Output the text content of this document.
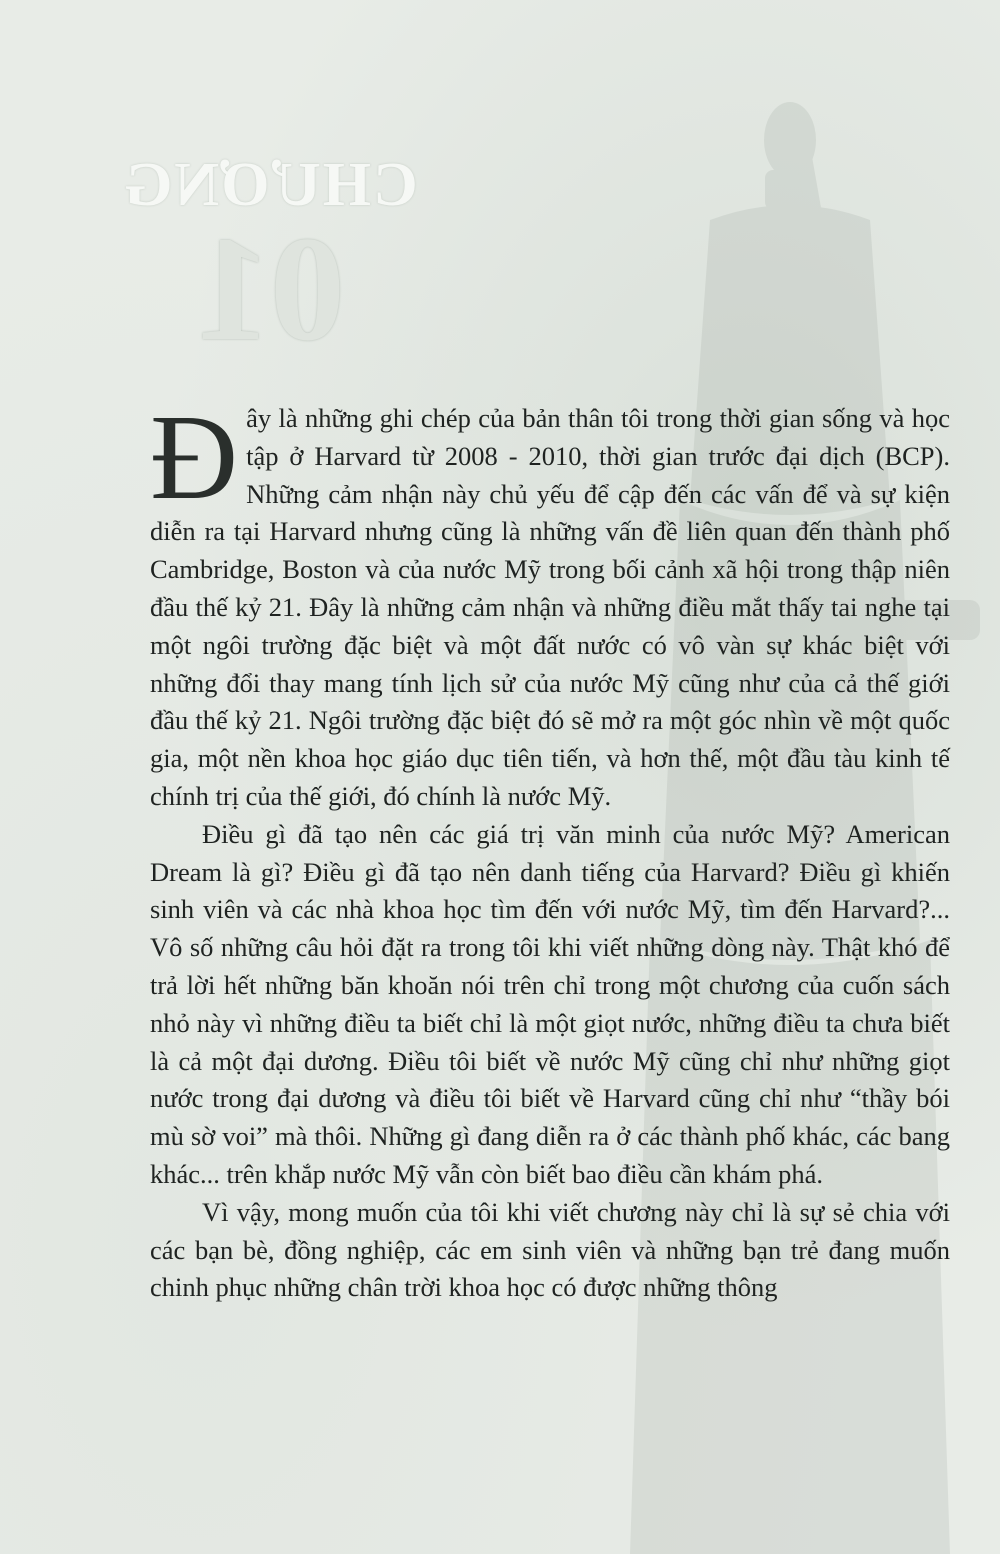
CHƯƠNG
01

Đây là những ghi chép của bản thân tôi trong thời gian sống và học tập ở Harvard từ 2008 - 2010, thời gian trước đại dịch (BCP). Những cảm nhận này chủ yếu để cập đến các vấn để và sự kiện diễn ra tại Harvard nhưng cũng là những vấn đề liên quan đến thành phố Cambridge, Boston và của nước Mỹ trong bối cảnh xã hội trong thập niên đầu thế kỷ 21. Đây là những cảm nhận và những điều mắt thấy tai nghe tại một ngôi trường đặc biệt và một đất nước có vô vàn sự khác biệt với những đổi thay mang tính lịch sử của nước Mỹ cũng như của cả thế giới đầu thế kỷ 21. Ngôi trường đặc biệt đó sẽ mở ra một góc nhìn về một quốc gia, một nền khoa học giáo dục tiên tiến, và hơn thế, một đầu tàu kinh tế chính trị của thế giới, đó chính là nước Mỹ.

Điều gì đã tạo nên các giá trị văn minh của nước Mỹ? American Dream là gì? Điều gì đã tạo nên danh tiếng của Harvard? Điều gì khiến sinh viên và các nhà khoa học tìm đến với nước Mỹ, tìm đến Harvard?... Vô số những câu hỏi đặt ra trong tôi khi viết những dòng này. Thật khó để trả lời hết những băn khoăn nói trên chỉ trong một chương của cuốn sách nhỏ này vì những điều ta biết chỉ là một giọt nước, những điều ta chưa biết là cả một đại dương. Điều tôi biết về nước Mỹ cũng chỉ như những giọt nước trong đại dương và điều tôi biết về Harvard cũng chỉ như “thầy bói mù sờ voi” mà thôi. Những gì đang diễn ra ở các thành phố khác, các bang khác... trên khắp nước Mỹ vẫn còn biết bao điều cần khám phá.

Vì vậy, mong muốn của tôi khi viết chương này chỉ là sự sẻ chia với các bạn bè, đồng nghiệp, các em sinh viên và những bạn trẻ đang muốn chinh phục những chân trời khoa học có được những thông
